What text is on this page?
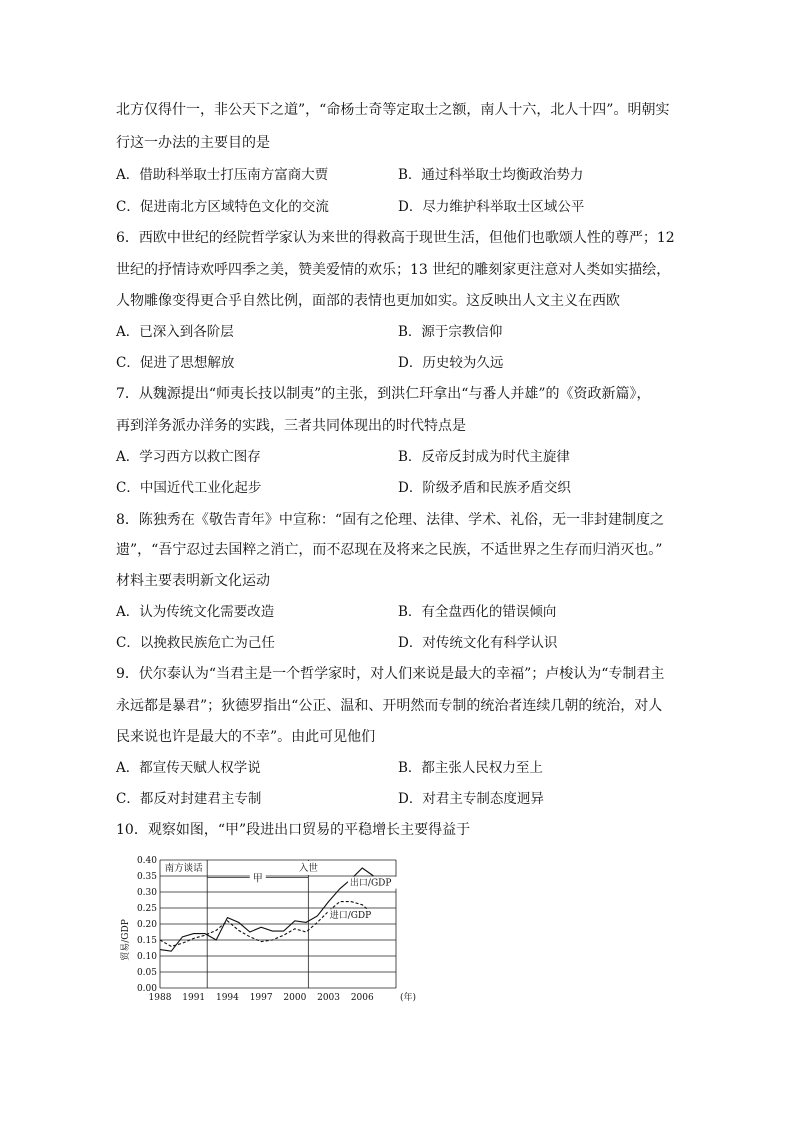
北方仅得什一，非公天下之道”，“命杨士奇等定取士之额，南人十六，北人十四”。明朝实
行这一办法的主要目的是
A．借助科举取士打压南方富商大贾	B．通过科举取士均衡政治势力
C．促进南北方区域特色文化的交流	D．尽力维护科举取士区域公平
6．西欧中世纪的经院哲学家认为来世的得救高于现世生活，但他们也歌颂人性的尊严；12
世纪的抒情诗欢呼四季之美，赞美爱情的欢乐；13 世纪的雕刻家更注意对人类如实描绘，
人物雕像变得更合乎自然比例，面部的表情也更加如实。这反映出人文主义在西欧
A．已深入到各阶层	B．源于宗教信仰
C．促进了思想解放	D．历史较为久远
7．从魏源提出“师夷长技以制夷”的主张，到洪仁玕拿出“与番人并雄”的《资政新篇》，
再到洋务派办洋务的实践，三者共同体现出的时代特点是
A．学习西方以救亡图存	B．反帝反封成为时代主旋律
C．中国近代工业化起步	D．阶级矛盾和民族矛盾交织
8．陈独秀在《敬告青年》中宣称：“固有之伦理、法律、学术、礼俗，无一非封建制度之
遗”，“吾宁忍过去国粹之消亡，而不忍现在及将来之民族，不适世界之生存而归消灭也。”
材料主要表明新文化运动
A．认为传统文化需要改造	B．有全盘西化的错误倾向
C．以挽救民族危亡为己任	D．对传统文化有科学认识
9．伏尔泰认为“当君主是一个哲学家时，对人们来说是最大的幸福”；卢梭认为“专制君主
永远都是暴君”；狄德罗指出“公正、温和、开明然而专制的统治者连续几朝的统治，对人
民来说也许是最大的不幸”。由此可见他们
A．都宣传天赋人权学说	B．都主张人民权力至上
C．都反对封建君主专制	D．对君主专制态度迥异
10．观察如图，“甲”段进出口贸易的平稳增长主要得益于
0.00
0.05
0.10
0.15
0.20
0.25
0.30
0.35
0.40
1988 1991 1994 1997 2000 2003 2006
贸易/GDP
(年)
南方谈话	入世
甲	出口/GDP
进口/GDP
